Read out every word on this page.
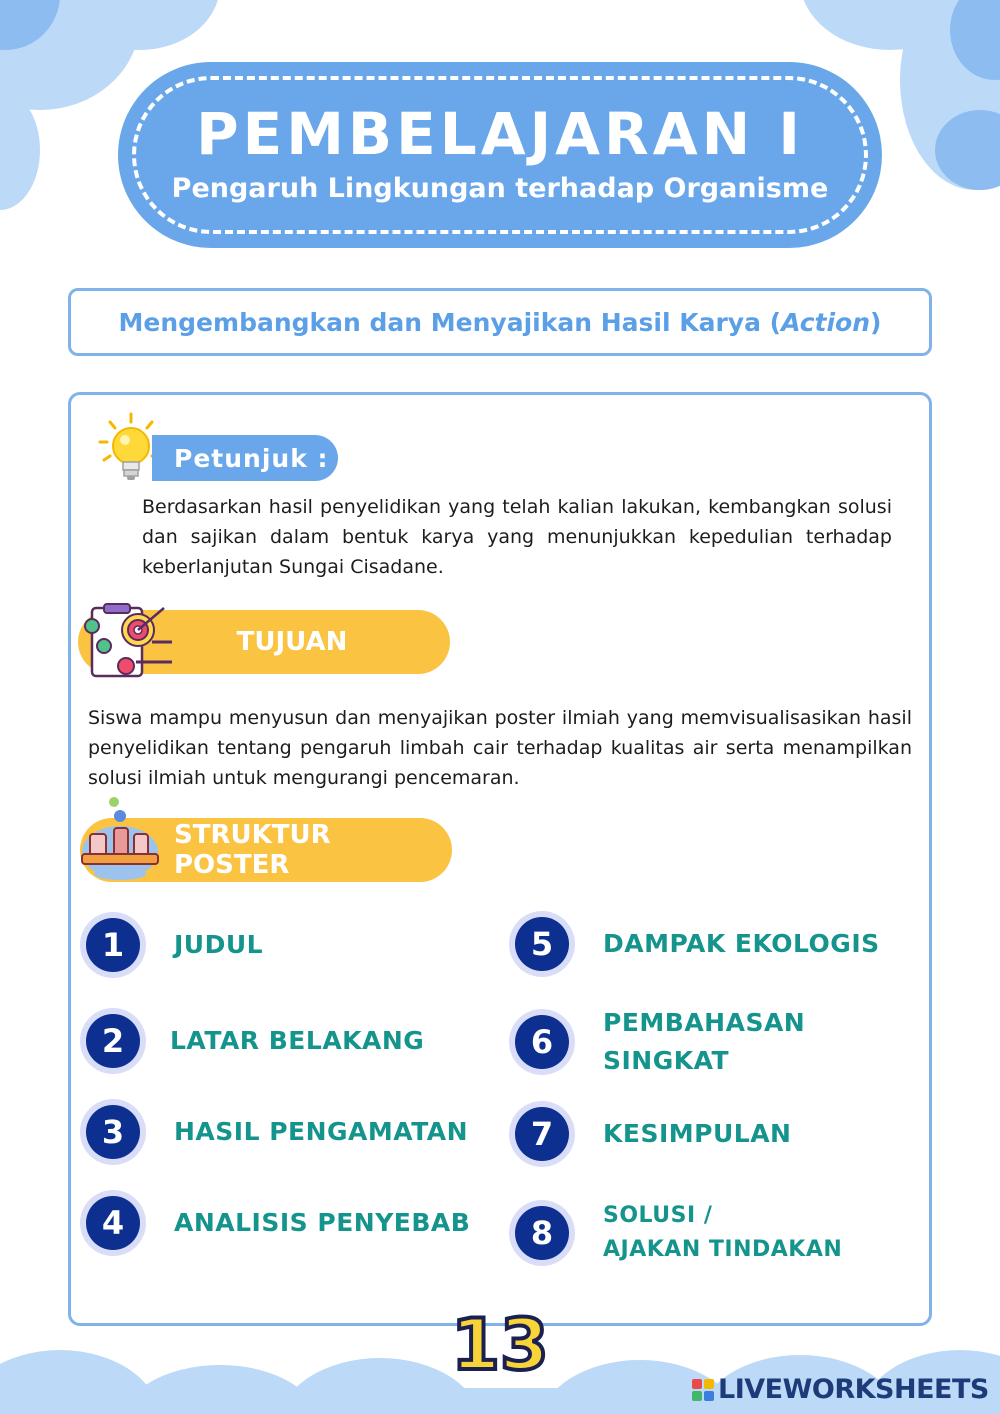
PEMBELAJARAN I
Pengaruh Lingkungan terhadap Organisme
Mengembangkan dan Menyajikan Hasil Karya ( Action )
Petunjuk :

Berdasarkan hasil penyelidikan yang telah kalian lakukan, kembangkan solusi dan sajikan dalam bentuk karya yang menunjukkan kepedulian terhadap keberlanjutan Sungai Cisadane.

TUJUAN

Siswa mampu menyusun dan menyajikan poster ilmiah yang memvisualisasikan hasil penyelidikan tentang pengaruh limbah cair terhadap kualitas air serta menampilkan solusi ilmiah untuk mengurangi pencemaran.

STRUKTUR POSTER
1	JUDUL
2	LATAR BELAKANG
3	HASIL PENGAMATAN
4	ANALISIS PENYEBAB
5	DAMPAK EKOLOGIS
6
PEMBAHASAN
SINGKAT
7	KESIMPULAN
8	SOLUSI /
AJAKAN TINDAKAN
13
LIVEWORKSHEETS
